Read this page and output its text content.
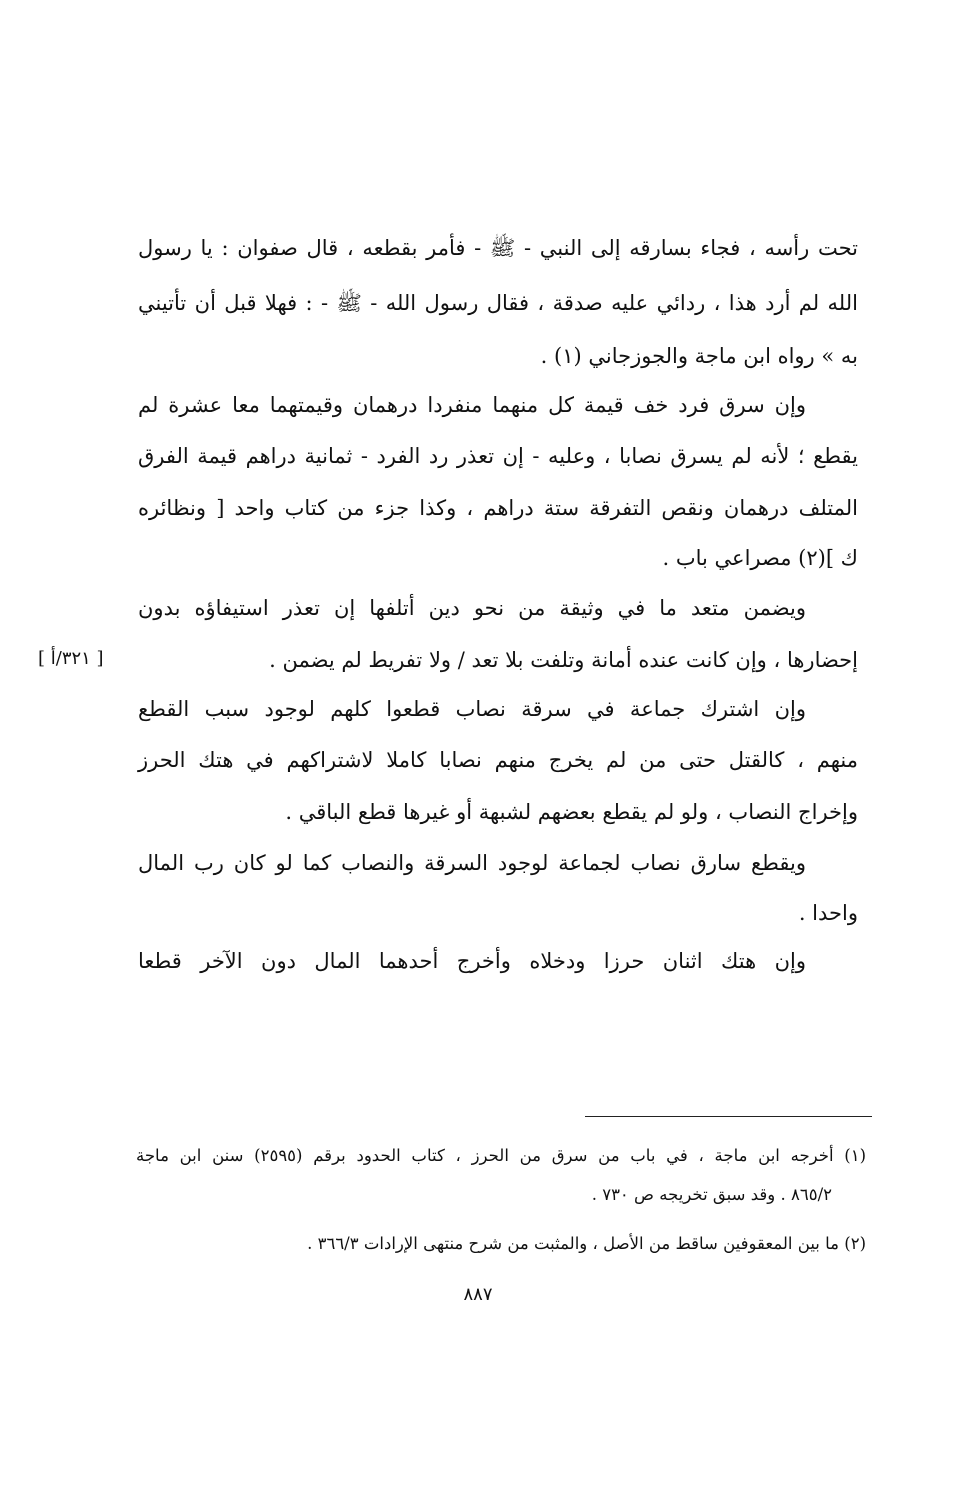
تحت رأسه ، فجاء بسارقه إلى النبي - ﷺ - فأمر بقطعه ، قال صفوان : يا رسول
الله لم أرد هذا ، ردائي عليه صدقة ، فقال رسول الله - ﷺ - : فهلا قبل أن تأتيني
به » رواه ابن ماجة والجوزجاني (١) .
وإن سرق فرد خف قيمة كل منهما منفردا درهمان وقيمتهما معا عشرة لم
يقطع ؛ لأنه لم يسرق نصابا ، وعليه - إن تعذر رد الفرد - ثمانية دراهم قيمة الفرق
المتلف درهمان ونقص التفرقة ستة دراهم ، وكذا جزء من كتاب واحد [ ونظائره
ك ](٢) مصراعي باب .
ويضمن متعد ما في وثيقة من نحو دين أتلفها إن تعذر استيفاؤه بدون
إحضارها ، وإن كانت عنده أمانة وتلفت بلا تعد / ولا تفريط لم يضمن .
[ ٣٢١/أ ]
وإن اشترك جماعة في سرقة نصاب قطعوا كلهم لوجود سبب القطع
منهم ، كالقتل حتى من لم يخرج منهم نصابا كاملا لاشتراكهم في هتك الحرز
وإخراج النصاب ، ولو لم يقطع بعضهم لشبهة أو غيرها قطع الباقي .
ويقطع سارق نصاب لجماعة لوجود السرقة والنصاب كما لو كان رب المال
واحدا .
وإن هتك اثنان حرزا ودخلاه وأخرج أحدهما المال دون الآخر قطعا
(١) أخرجه ابن ماجة ، في باب من سرق من الحرز ، كتاب الحدود برقم (٢٥٩٥) سنن ابن ماجة
٨٦٥/٢ . وقد سبق تخريجه ص ٧٣٠ .
(٢) ما بين المعقوفين ساقط من الأصل ، والمثبت من شرح منتهى الإرادات ٣٦٦/٣ .
٨٨٧
